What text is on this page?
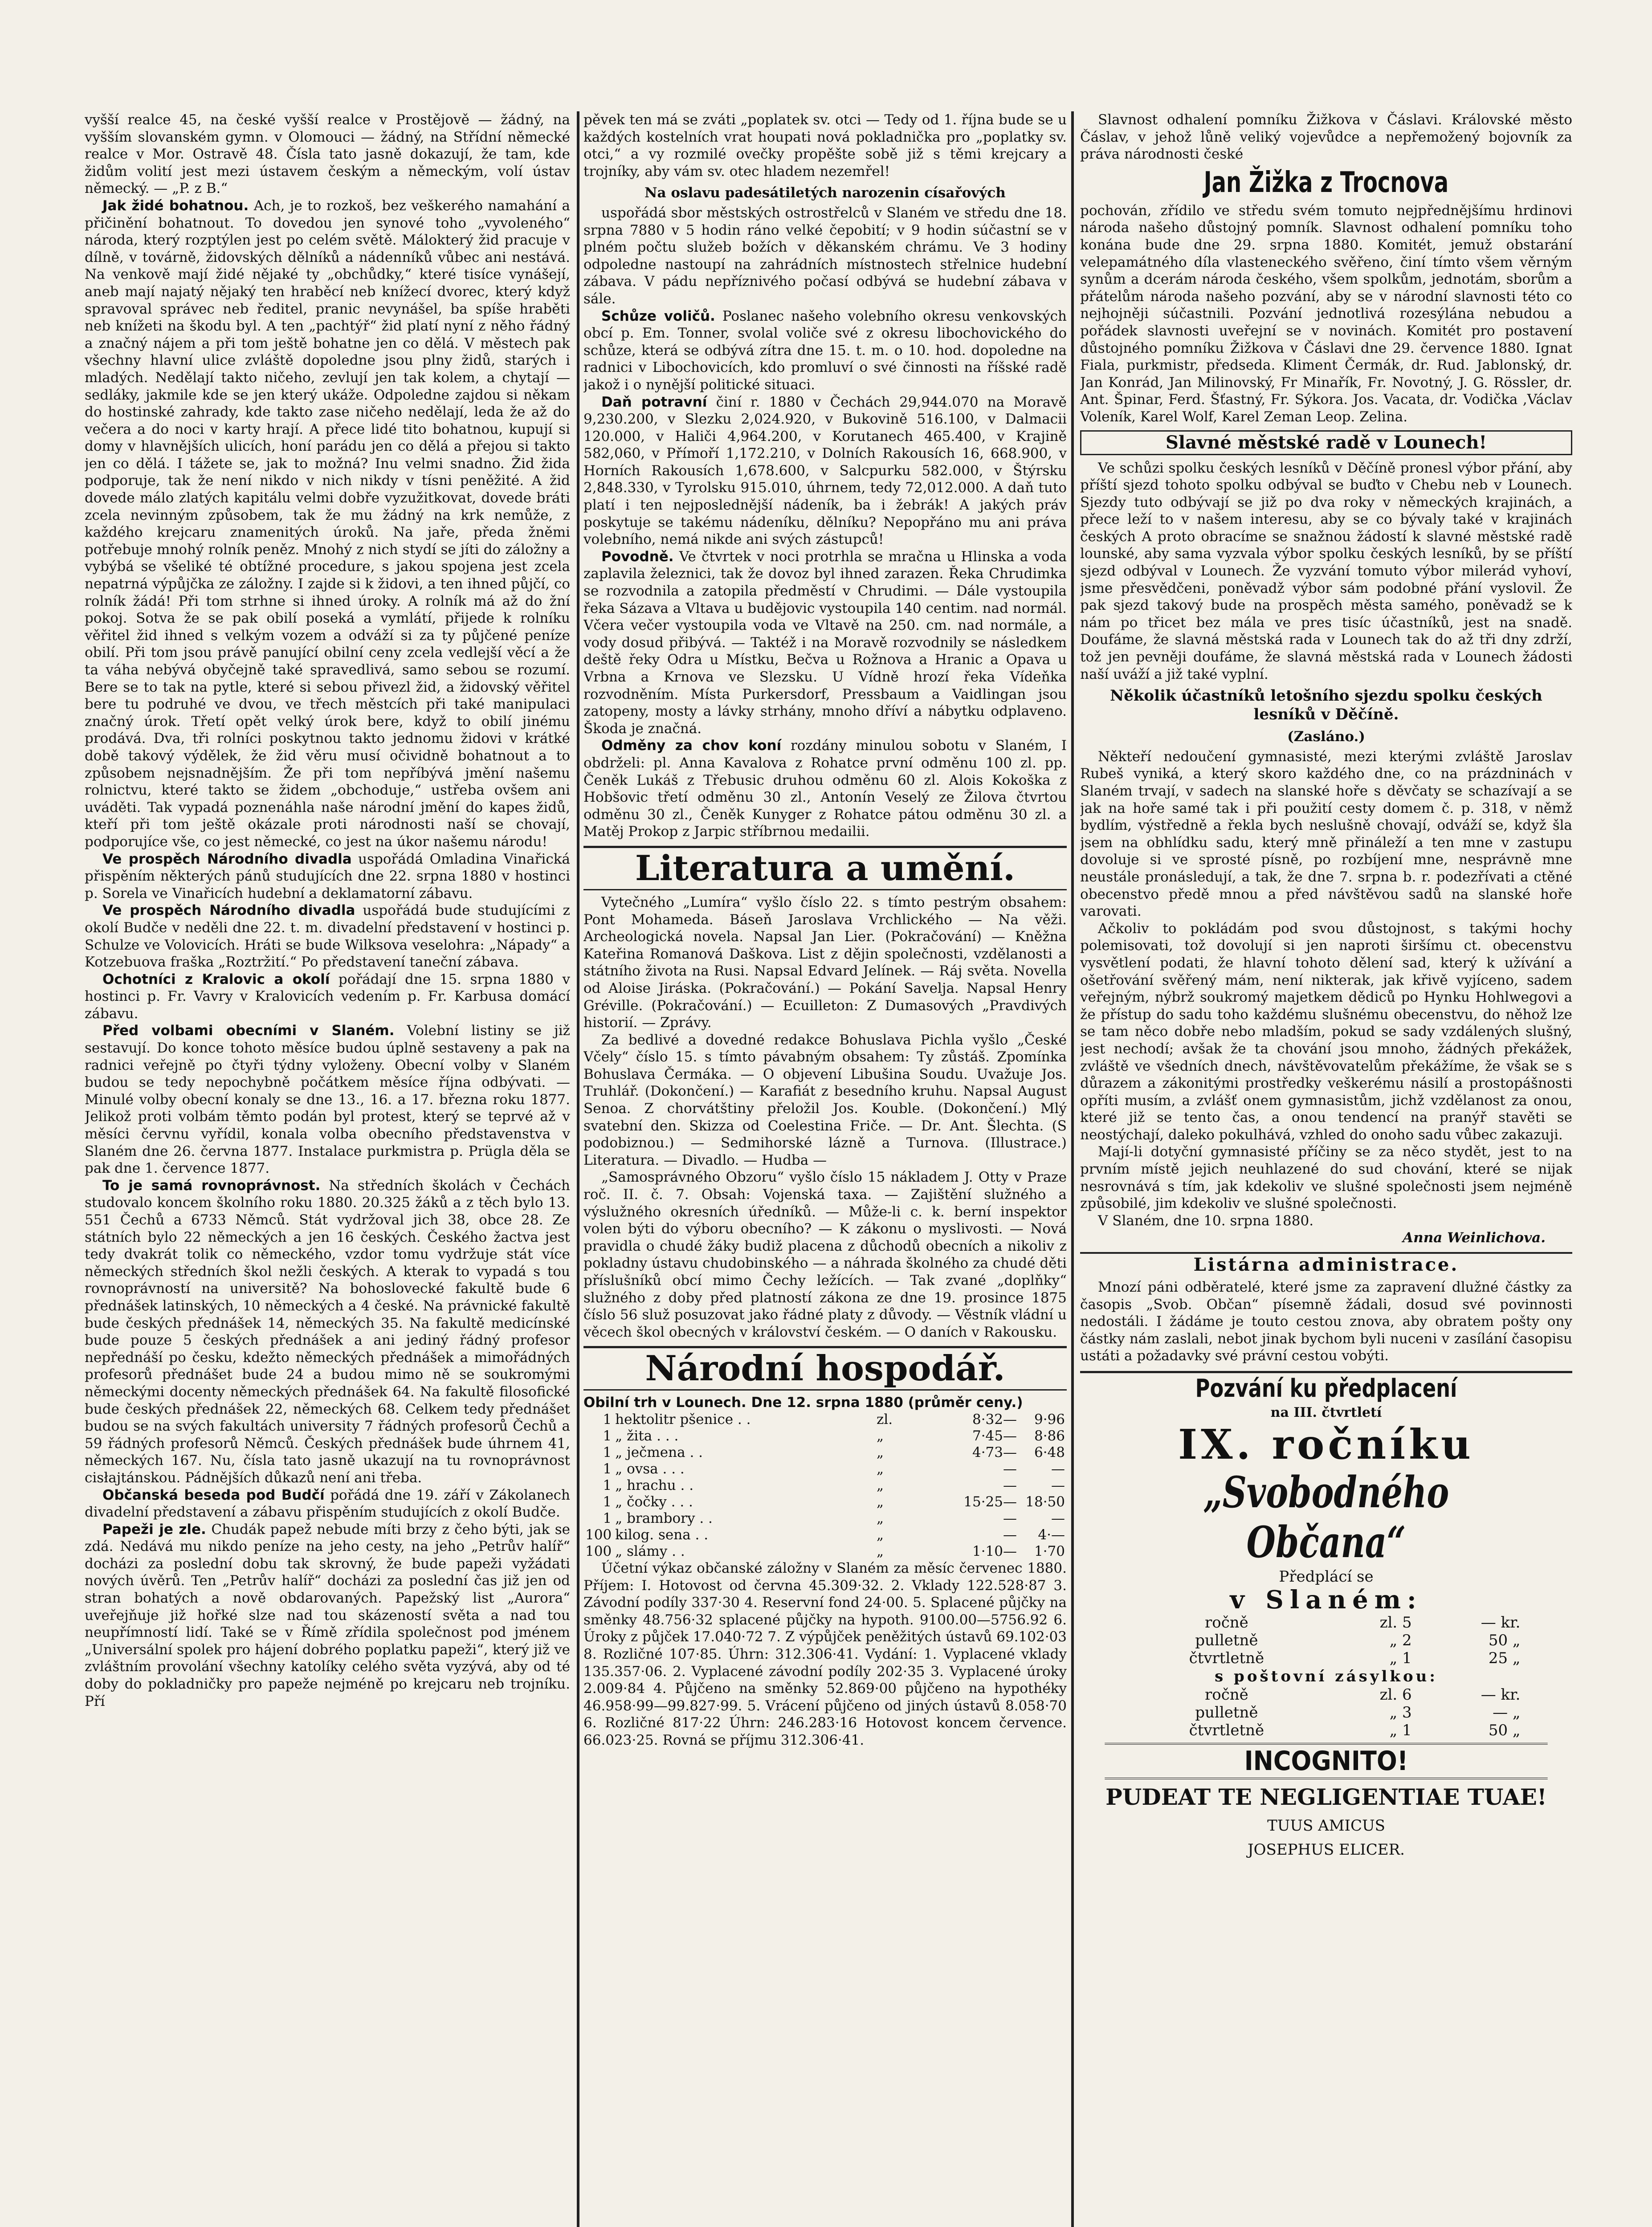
vyšší realce 45, na české vyšší realce v Prostějově — žádný, na vyšším slovanském gymn. v Olomouci — žádný, na Střídní německé realce v Mor. Ostravě 48. Čísla tato jasně dokazují, že tam, kde židům volití jest mezi ústavem českým a německým, volí ústav německý. — „P. z B.“

Jak židé bohatnou. Ach, je to rozkoš, bez veškerého namahání a přičinění bohatnout. To dovedou jen synové toho „vyvoleného“ národa, který rozptýlen jest po celém světě. Málokterý žid pracuje v dílně, v továrně, židovských dělníků a nádenníků vůbec ani nestává. Na venkově mají židé nějaké ty „obchůdky,“ které tisíce vynášejí, aneb mají najatý nějaký ten hraběcí neb knížecí dvorec, který když spravoval správec neb ředitel, pranic nevynášel, ba spíše hraběti neb knížeti na škodu byl. A ten „pachtýř“ žid platí nyní z něho řádný a značný nájem a při tom ještě bohatne jen co dělá. V městech pak všechny hlavní ulice zvláště dopoledne jsou plny židů, starých i mladých. Nedělají takto ničeho, zevlují jen tak kolem, a chytají — sedláky, jakmile kde se jen který ukáže. Odpoledne zajdou si někam do hostinské zahrady, kde takto zase ničeho nedělají, leda že až do večera a do noci v karty hrají. A přece lidé tito bohatnou, kupují si domy v hlavnějších ulicích, honí parádu jen co dělá a přejou si takto jen co dělá. I tážete se, jak to možná? Inu velmi snadno. Žid žida podporuje, tak že není nikdo v nich nikdy v tísni peněžité. A žid dovede málo zlatých kapitálu velmi dobře vyzužitkovat, dovede bráti zcela nevinným způsobem, tak že mu žádný na krk nemůže, z každého krejcaru znamenitých úroků. Na jaře, předa žněmi potřebuje mnohý rolník peněz. Mnohý z nich stydí se jíti do záložny a vybýbá se všeliké té obtížné procedure, s jakou spojena jest zcela nepatrná výpůjčka ze záložny. I zajde si k židovi, a ten ihned půjčí, co rolník žádá! Při tom strhne si ihned úroky. A rolník má až do žní pokoj. Sotva že se pak obilí poseká a vymlátí, přijede k rolníku věřitel žid ihned s velkým vozem a odváží si za ty půjčené peníze obilí. Při tom jsou právě panující obilní ceny zcela vedlejší věcí a že ta váha nebývá obyčejně také spravedlivá, samo sebou se rozumí. Bere se to tak na pytle, které si sebou přivezl žid, a židovský věřitel bere tu podruhé ve dvou, ve třech městcích při také manipulaci značný úrok. Třetí opět velký úrok bere, když to obilí jinému prodává. Dva, tři rolníci poskytnou takto jednomu židovi v krátké době takový výdělek, že žid věru musí očividně bohatnout a to způsobem nejsnadnějším. Že při tom nepříbývá jmění našemu rolnictvu, které takto se židem „obchoduje,“ ustřeba ovšem ani uváděti. Tak vypadá poznenáhla naše národní jmění do kapes židů, kteří při tom ještě okázale proti národnosti naší se chovají, podporujíce vše, co jest německé, co jest na úkor našemu národu!

Ve prospěch Národního divadla uspořádá Omladina Vinařická přispěním některých pánů studujících dne 22. srpna 1880 v hostinci p. Sorela ve Vinařicích hudební a deklamatorní zábavu.

Ve prospěch Národního divadla uspořádá bude studujícími z okolí Budče v neděli dne 22. t. m. divadelní představení v hostinci p. Schulze ve Volovicích. Hráti se bude Wilksova veselohra: „Nápady“ a Kotzebuova fraška „Roztržití.“ Po představení taneční zábava.

Ochotníci z Kralovic a okolí pořádají dne 15. srpna 1880 v hostinci p. Fr. Vavry v Kralovicích vedením p. Fr. Karbusa domácí zábavu.

Před volbami obecními v Slaném. Volební listiny se již sestavují. Do konce tohoto měsíce budou úplně sestaveny a pak na radnici veřejně po čtyři týdny vyloženy. Obecní volby v Slaném budou se tedy nepochybně počátkem měsíce října odbývati. — Minulé volby obecní konaly se dne 13., 16. a 17. března roku 1877. Jelikož proti volbám těmto podán byl protest, který se teprvé až v měsíci červnu vyřídil, konala volba obecního představenstva v Slaném dne 26. června 1877. Instalace purkmistra p. Prügla děla se pak dne 1. července 1877.

To je samá rovnoprávnost. Na středních školách v Čechách studovalo koncem školního roku 1880. 20.325 žáků a z těch bylo 13. 551 Čechů a 6733 Němců. Stát vydržoval jich 38, obce 28. Ze státních bylo 22 německých a jen 16 českých. Českého žactva jest tedy dvakrát tolik co německého, vzdor tomu vydržuje stát více německých středních škol nežli českých. A kterak to vypadá s tou rovnoprávností na universitě? Na bohoslovecké fakultě bude 6 přednášek latinských, 10 německých a 4 české. Na právnické fakultě bude českých přednášek 14, německých 35. Na fakultě medicínské bude pouze 5 českých přednášek a ani jediný řádný profesor nepřednáší po česku, kdežto německých přednášek a mimořádných profesorů přednášet bude 24 a budou mimo ně se soukromými německými docenty německých přednášek 64. Na fakultě filosofické bude českých přednášek 22, německých 68. Celkem tedy přednášet budou se na svých fakultách university 7 řádných profesorů Čechů a 59 řádných profesorů Němců. Českých přednášek bude úhrnem 41, německých 167. Nu, čísla tato jasně ukazují na tu rovnoprávnost cisłajtánskou. Pádnějších důkazů není ani třeba.

Občanská beseda pod Budčí pořádá dne 19. září v Zákolanech divadelní představení a zábavu přispěním studujících z okolí Budče.

Papeži je zle. Chudák papež nebude míti brzy z čeho býti, jak se zdá. Nedává mu nikdo peníze na jeho cesty, na jeho „Petrův halíř“ docházi za poslední dobu tak skrovný, že bude papeži vyžádati nových úvěrů. Ten „Petrův halíř“ docházi za poslední čas již jen od stran bohatých a nově obdarovaných. Papežský list „Aurora“ uveřejňuje již hořké slze nad tou skázeností světa a nad tou neupřímností lidí. Také se v Římě zřídila společnost pod jménem „Universální spolek pro hájení dobrého poplatku papeži“, který již ve zvláštním provolání všechny katolíky celého světa vyzývá, aby od té doby do pokladničky pro papeže nejméně po krejcaru neb trojníku. Pří

pěvek ten má se zváti „poplatek sv. otci — Tedy od 1. října bude se u každých kostelních vrat houpati nová pokladnička pro „poplatky sv. otci,“ a vy rozmilé ovečky propěšte sobě již s těmi krejcary a trojníky, aby vám sv. otec hladem nezemřel!

Na oslavu padesátiletých narozenin císařových

uspořádá sbor městských ostrostřelců v Slaném ve středu dne 18. srpna 7880 v 5 hodin ráno velké čepobití; v 9 hodin súčastní se v plném počtu služeb božích v děkanském chrámu. Ve 3 hodiny odpoledne nastoupí na zahrádních místnostech střelnice hudební zábava. V pádu nepříznivého počasí odbývá se hudební zábava v sále.

Schůze voličů. Poslanec našeho volebního okresu venkovských obcí p. Em. Tonner, svolal voliče své z okresu libochovického do schůze, která se odbývá zítra dne 15. t. m. o 10. hod. dopoledne na radnici v Libochovicích, kdo promluví o své činnosti na říšské radě jakož i o nynější politické situaci.

Daň potravní činí r. 1880 v Čechách 29,944.070 na Moravě 9,230.200, v Slezku 2,024.920, v Bukovině 516.100, v Dalmacii 120.000, v Haliči 4,964.200, v Korutanech 465.400, v Krajině 582,060, v Přímoří 1,172.210, v Dolních Rakousích 16, 668.900, v Horních Rakousích 1,678.600, v Salcpurku 582.000, v Štýrsku 2,848.330, v Tyrolsku 915.010, úhrnem, tedy 72,012.000. A daň tuto platí i ten nejposlednější nádeník, ba i žebrák! A jakých práv poskytuje se takému nádeníku, dělníku? Nepopřáno mu ani práva volebního, nemá nikde ani svých zástupců!

Povodně. Ve čtvrtek v noci protrhla se mračna u Hlinska a voda zaplavila železnici, tak že dovoz byl ihned zarazen. Řeka Chrudimka se rozvodnila a zatopila předměstí v Chrudimi. — Dále vystoupila řeka Sázava a Vltava u budějovic vystoupila 140 centim. nad normál. Včera večer vystoupila voda ve Vltavě na 250. cm. nad normále, a vody dosud přibývá. — Taktéž i na Moravě rozvodnily se následkem deště řeky Odra u Místku, Bečva u Rožnova a Hranic a Opava u Vrbna a Krnova ve Slezsku. U Vídně hrozí řeka Vídeňka rozvodněním. Místa Purkersdorf, Pressbaum a Vaidlingan jsou zatopeny, mosty a lávky strhány, mnoho dříví a nábytku odplaveno. Škoda je značná.

Odměny za chov koní rozdány minulou sobotu v Slaném, I obdrželi: pl. Anna Kavalova z Rohatce první odměnu 100 zl. pp. Čeněk Lukáš z Třebusic druhou odměnu 60 zl. Alois Kokoška z Hobšovic třetí odměnu 30 zl., Antonín Veselý ze Žilova čtvrtou odměnu 30 zl., Čeněk Kunyger z Rohatce pátou odměnu 30 zl. a Matěj Prokop z Jarpic stříbrnou medailii.

Literatura a umění.

Vytečného „Lumíra“ vyšlo číslo 22. s tímto pestrým obsahem: Pont Mohameda. Báseň Jaroslava Vrchlického — Na věži. Archeologická novela. Napsal Jan Lier. (Pokračování) — Kněžna Kateřina Romanová Daškova. List z dějin společnosti, vzdělanosti a státního života na Rusi. Napsal Edvard Jelínek. — Ráj světa. Novella od Aloise Jiráska. (Pokračování.) — Pokání Savelja. Napsal Henry Gréville. (Pokračování.) — Ecuilleton: Z Dumasových „Pravdivých historií. — Zprávy.

Za bedlivé a dovedné redakce Bohuslava Pichla vyšlo „České Včely“ číslo 15. s tímto pávabným obsahem: Ty zůstáš. Zpomínka Bohuslava Čermáka. — O objevení Libušina Soudu. Uvažuje Jos. Truhlář. (Dokončení.) — Karafiát z besedního kruhu. Napsal August Senoa. Z chorvátštiny přeložil Jos. Kouble. (Dokončení.) Mlý svatební den. Skizza od Coelestina Friče. — Dr. Ant. Šlechta. (S podobiznou.) — Sedmihorské lázně a Turnova. (Illustrace.) Literatura. — Divadlo. — Hudba —

„Samosprávného Obzoru“ vyšlo číslo 15 nákladem J. Otty v Praze roč. II. č. 7. Obsah: Vojenská taxa. — Zajištění služného a výslužného okresních úředníků. — Může-li c. k. berní inspektor volen býti do výboru obecního? — K zákonu o myslivosti. — Nová pravidla o chudé žáky budiž placena z důchodů obecních a nikoliv z pokladny ústavu chudobinského — a náhrada školného za chudé děti příslušníků obcí mimo Čechy ležících. — Tak zvané „doplňky“ služného z doby před platností zákona ze dne 19. prosince 1875 číslo 56 služ posuzovat jako řádné platy z důvody. — Věstník vládní u věcech škol obecných v království českém. — O daních v Rakousku.

Národní hospodář.

Obilní trh v Lounech. Dne 12. srpna 1880 (průměr ceny.)

1	hektolitr pšenice . .	zl.	8·32—	9·96
1	„ žita . . .	„	7·45—	8·86
1	„ ječmena . .	„	4·73—	6·48
1	„ ovsa . . .	„	—	—
1	„ hrachu . .	„	—	—
1	„ čočky . . .	„	15·25—	18·50
1	„ brambory . .	„	—	—
100	kilog. sena . .	„	—	4·—
100	„ slámy . .	„	1·10—	1·70

Účetní výkaz občanské záložny v Slaném za měsíc červenec 1880. Příjem: I. Hotovost od června 45.309·32. 2. Vklady 122.528·87 3. Závodní podíly 337·30 4. Reservní fond 24·00. 5. Splacené půjčky na směnky 48.756·32 splacené půjčky na hypoth. 9100.00—5756.92 6. Úroky z půjček 17.040·72 7. Z výpůjček peněžitých ústavů 69.102·03 8. Rozličné 107·85. Úhrn: 312.306·41. Vydání: 1. Vyplacené vklady 135.357·06. 2. Vyplacené závodní podíly 202·35 3. Vyplacené úroky 2.009·84 4. Půjčeno na směnky 52.869·00 půjčeno na hypothéky 46.958·99—99.827·99. 5. Vrácení půjčeno od jiných ústavů 8.058·70 6. Rozličné 817·22 Úhrn: 246.283·16 Hotovost koncem července. 66.023·25. Rovná se příjmu 312.306·41.

Slavnost odhalení pomníku Žižkova v Čáslavi. Královské město Čáslav, v jehož lůně veliký vojevůdce a nepřemožený bojovník za práva národnosti české

Jan Žižka z Trocnova

pochován, zřídilo ve středu svém tomuto nejpřednějšímu hrdinovi národa našeho důstojný pomník. Slavnost odhalení pomníku toho konána bude dne 29. srpna 1880. Komitét, jemuž obstarání velepamátného díla vlasteneckého svěřeno, činí tímto všem věrným synům a dcerám národa českého, všem spolkům, jednotám, sborům a přátelům národa našeho pozvání, aby se v národní slavnosti této co nejhojněji súčastnili. Pozvání jednotlivá rozesýlána nebudou a pořádek slavnosti uveřejní se v novinách. Komitét pro postavení důstojného pomníku Žižkova v Čáslavi dne 29. července 1880. Ignat Fiala, purkmistr, předseda. Kliment Čermák, dr. Rud. Jablonský, dr. Jan Konrád, Jan Milinovský, Fr Minařík, Fr. Novotný, J. G. Rössler, dr. Ant. Špinar, Ferd. Šťastný, Fr. Sýkora. Jos. Vacata, dr. Vodička ,Václav Voleník, Karel Wolf, Karel Zeman Leop. Zelina.

Slavné městské radě v Lounech!

Ve schůzi spolku českých lesníků v Děčíně pronesl výbor přání, aby příští sjezd tohoto spolku odbýval se buďto v Chebu neb v Lounech. Sjezdy tuto odbývají se již po dva roky v německých krajinách, a přece leží to v našem interesu, aby se co bývaly také v krajinách českých A proto obracíme se snažnou žádostí k slavné městské radě lounské, aby sama vyzvala výbor spolku českých lesníků, by se příští sjezd odbýval v Lounech. Že vyzvání tomuto výbor milerád vyhoví, jsme přesvědčeni, poněvadž výbor sám podobné přání vyslovil. Že pak sjezd takový bude na prospěch města samého, poněvadž se k nám po třicet bez mála ve pres tisíc účastníků, jest na snadě. Doufáme, že slavná městská rada v Lounech tak do až tři dny zdrží, tož jen pevněji doufáme, že slavná městská rada v Lounech žádosti naší uváží a již také vyplní.

Několik účastníků letošního sjezdu spolku českých lesníků v Děčíně.
(Zasláno.)

Někteří nedoučení gymnasisté, mezi kterými zvláště Jaroslav Rubeš vyniká, a který skoro každého dne, co na prázdninách v Slaném trvají, v sadech na slanské hoře s děvčaty se schazívají a se jak na hoře samé tak i při použití cesty domem č. p. 318, v němž bydlím, výstředně a řekla bych neslušně chovají, odváží se, když šla jsem na obhlídku sadu, který mně přináleží a ten mne v zastupu dovoluje si ve sprosté písně, po rozbíjení mne, nesprávně mne neustále pronásledují, a tak, že dne 7. srpna b. r. podezřívati a ctěné obecenstvo předě mnou a před návštěvou sadů na slanské hoře varovati.

Ačkoliv to pokládám pod svou důstojnost, s takými hochy polemisovati, tož dovolují si jen naproti širšímu ct. obecenstvu vysvětlení podati, že hlavní tohoto dělení sad, který k užívání a ošetřování svěřený mám, není nikterak, jak křivě vyjíceno, sadem veřejným, nýbrž soukromý majetkem dědiců po Hynku Hohlwegovi a že přístup do sadu toho každému slušnému obecenstvu, do něhož lze se tam něco dobře nebo mladším, pokud se sady vzdálených slušný, jest nechodí; avšak že ta chování jsou mnoho, žádných překážek, zvláště ve všedních dnech, návštěvovatelům překážíme, že však se s důrazem a zákonitými prostředky veškerému násilí a prostopášnosti opříti musím, a zvlášť onem gymnasistům, jichž vzdělanost za onou, které již se tento čas, a onou tendencí na pranýř stavěti se neostýchají, daleko pokulhává, vzhled do onoho sadu vůbec zakazuji.

Mají-li dotyční gymnasisté příčiny se za něco stydět, jest to na prvním místě jejich neuhlazené do sud chování, které se nijak nesrovnává s tím, jak kdekoliv ve slušné společnosti jsem nejméně způsobilé, jim kdekoliv ve slušné společnosti.

V Slaném, dne 10. srpna 1880.

Anna Weinlichova.
Listárna administrace.

Mnozí páni odběratelé, které jsme za zapravení dlužné částky za časopis „Svob. Občan“ písemně žádali, dosud své povinnosti nedostáli. I žádáme je touto cestou znova, aby obratem pošty ony částky nám zaslali, nebot jinak bychom byli nuceni v zasílání časopisu ustáti a požadavky své právní cestou vobýti.

Pozvání ku předplacení
na III. čtvrtletí
IX. ročníku
„Svobodného Občana“
Předplácí se
v Slaném:
ročně	zl. 5	— kr.
pulletně	„ 2	50 „
čtvrtletně	„ 1	25 „
s poštovní zásylkou:
ročně	zl. 6	— kr.
pulletně	„ 3	— „
čtvrtletně	„ 1	50 „
INCOGNITO!
PUDEAT TE NEGLIGENTIAE TUAE!
TUUS AMICUS
JOSEPHUS ELICER.
